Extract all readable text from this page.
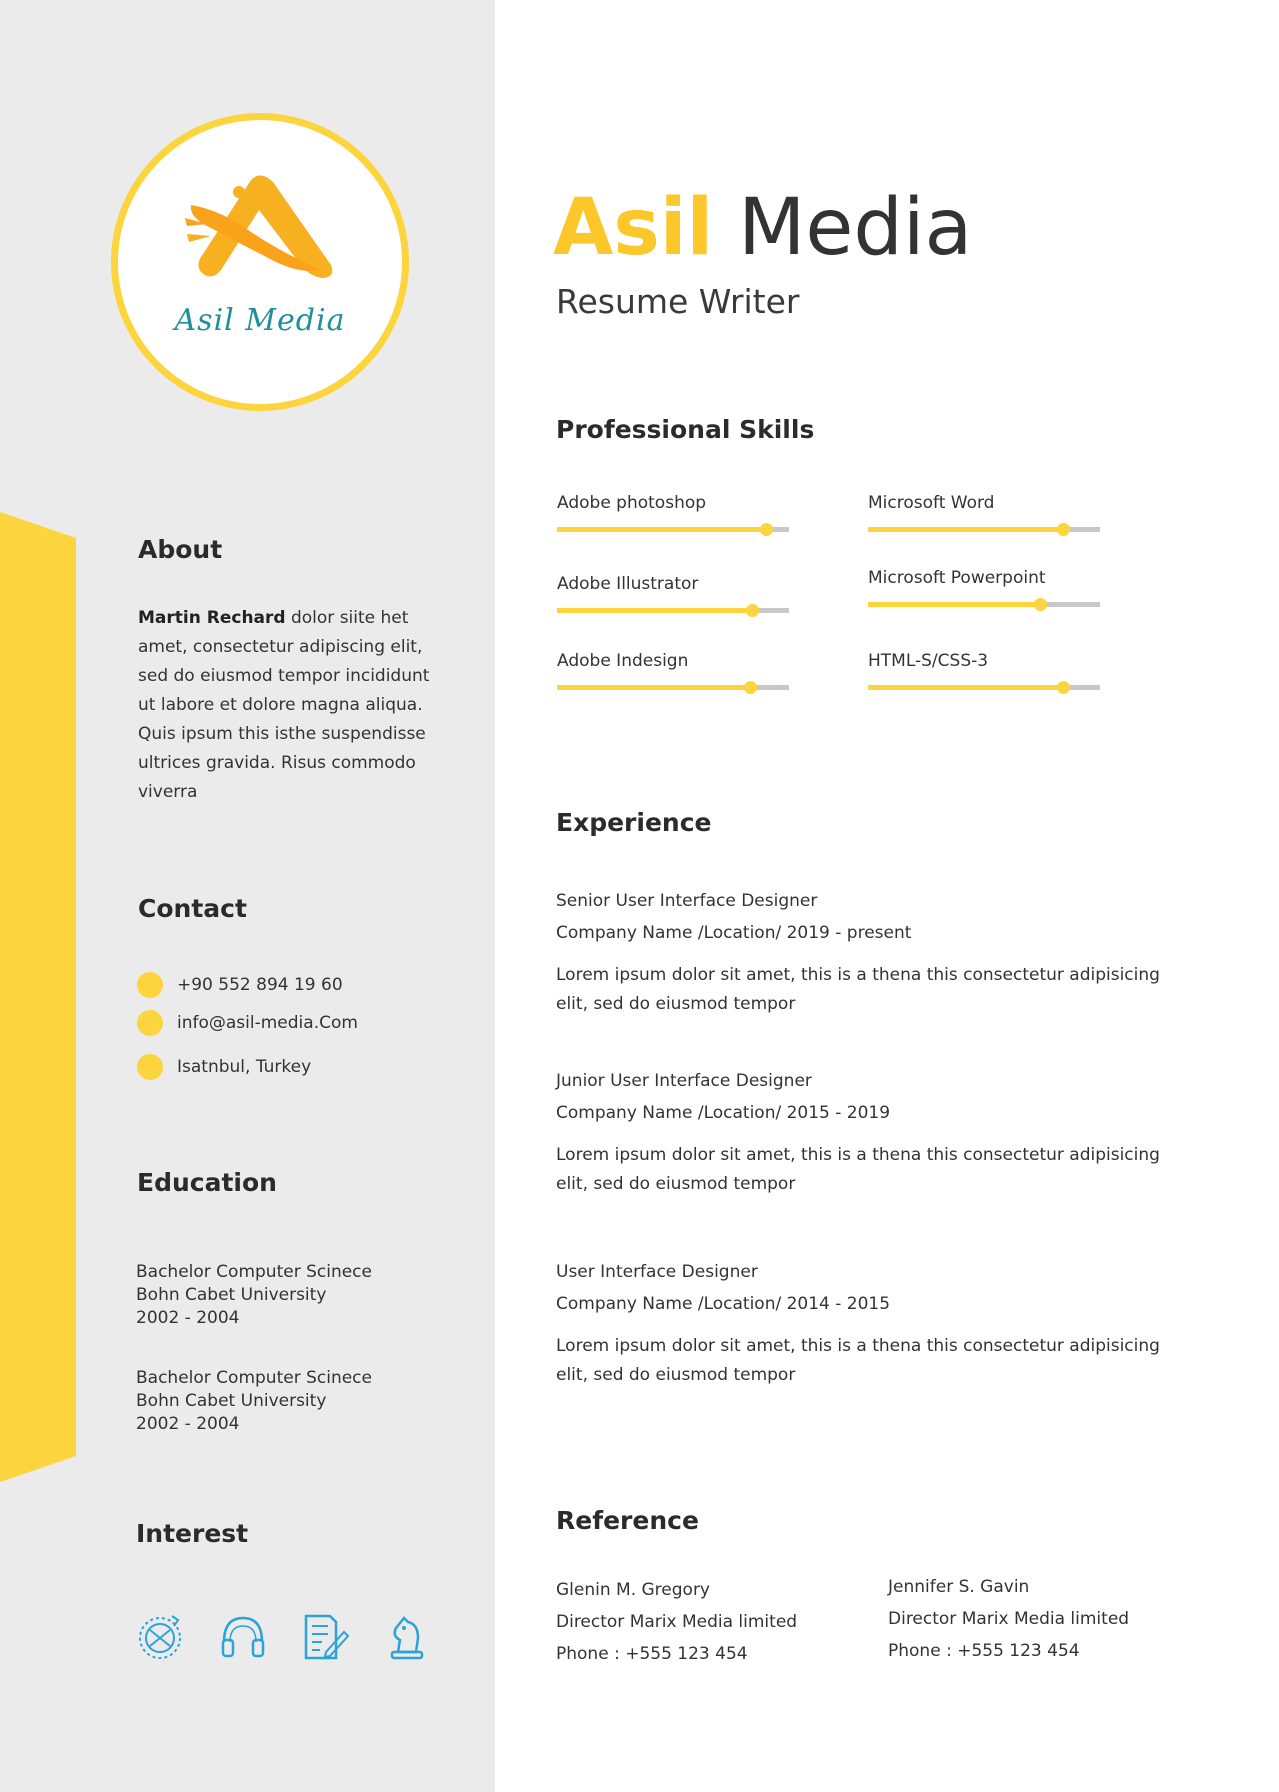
Asil Media
About

Martin Rechard dolor siite het amet, consectetur adipiscing elit, sed do eiusmod tempor incididunt ut labore et dolore magna aliqua. Quis ipsum this isthe suspendisse ultrices gravida. Risus commodo viverra

Contact
+90 552 894 19 60
info@asil-media.Com
Isatnbul, Turkey
Education
Bachelor Computer Scinece
Bohn Cabet University
2002 - 2004
Bachelor Computer Scinece
Bohn Cabet University
2002 - 2004
Interest
Asil Media
Resume Writer
Professional Skills
Adobe photoshop	Microsoft Word
Adobe Illustrator	Microsoft Powerpoint
Adobe Indesign	HTML-S/CSS-3
Experience
Senior User Interface Designer
Company Name /Location/ 2019 - present
Lorem ipsum dolor sit amet, this is a thena this consectetur adipisicing elit, sed do eiusmod tempor
Junior User Interface Designer
Company Name /Location/ 2015 - 2019
Lorem ipsum dolor sit amet, this is a thena this consectetur adipisicing elit, sed do eiusmod tempor
User Interface Designer
Company Name /Location/ 2014 - 2015
Lorem ipsum dolor sit amet, this is a thena this consectetur adipisicing elit, sed do eiusmod tempor
Reference
Glenin M. Gregory
Director Marix Media limited
Phone : +555 123 454
Jennifer S. Gavin
Director Marix Media limited
Phone : +555 123 454
